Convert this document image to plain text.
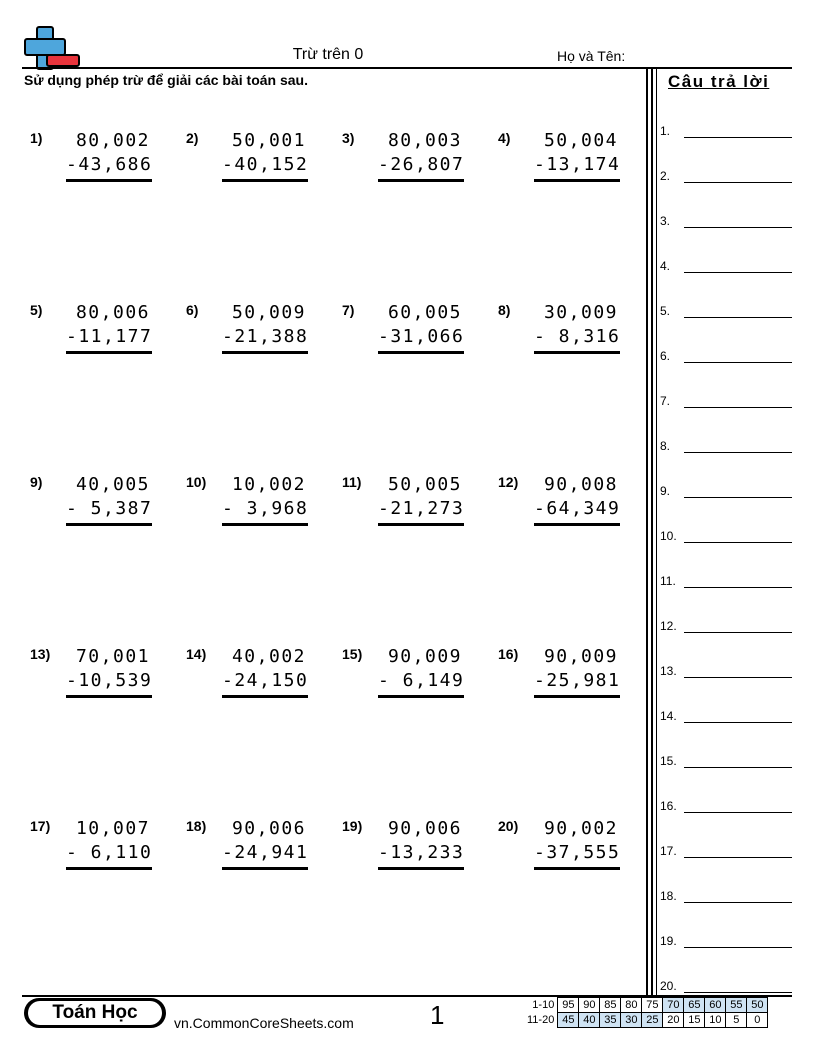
Trừ trên 0	Họ và Tên:
Sử dụng phép trừ để giải các bài toán sau.
1)	80,002
-43,686
2)	50,001
-40,152
3)	80,003
-26,807
4)	50,004
-13,174
5)	80,006
-11,177
6)	50,009
-21,388
7)	60,005
-31,066
8)	30,009
- 8,316
9)	40,005
- 5,387
10)	10,002
- 3,968
11)	50,005
-21,273
12)	90,008
-64,349
13)	70,001
-10,539
14)	40,002
-24,150
15)	90,009
- 6,149
16)	90,009
-25,981
17)	10,007
- 6,110
18)	90,006
-24,941
19)	90,006
-13,233
20)	90,002
-37,555
Câu trả lời
1.
2.
3.
4.
5.
6.
7.
8.
9.
10.
11.
12.
13.
14.
15.
16.
17.
18.
19.
20.
Toán Học	vn.CommonCoreSheets.com	1	1-10	95	90	85	80	75	70	65	60	55	50
11-20	45	40	35	30	25	20	15	10	5	0
